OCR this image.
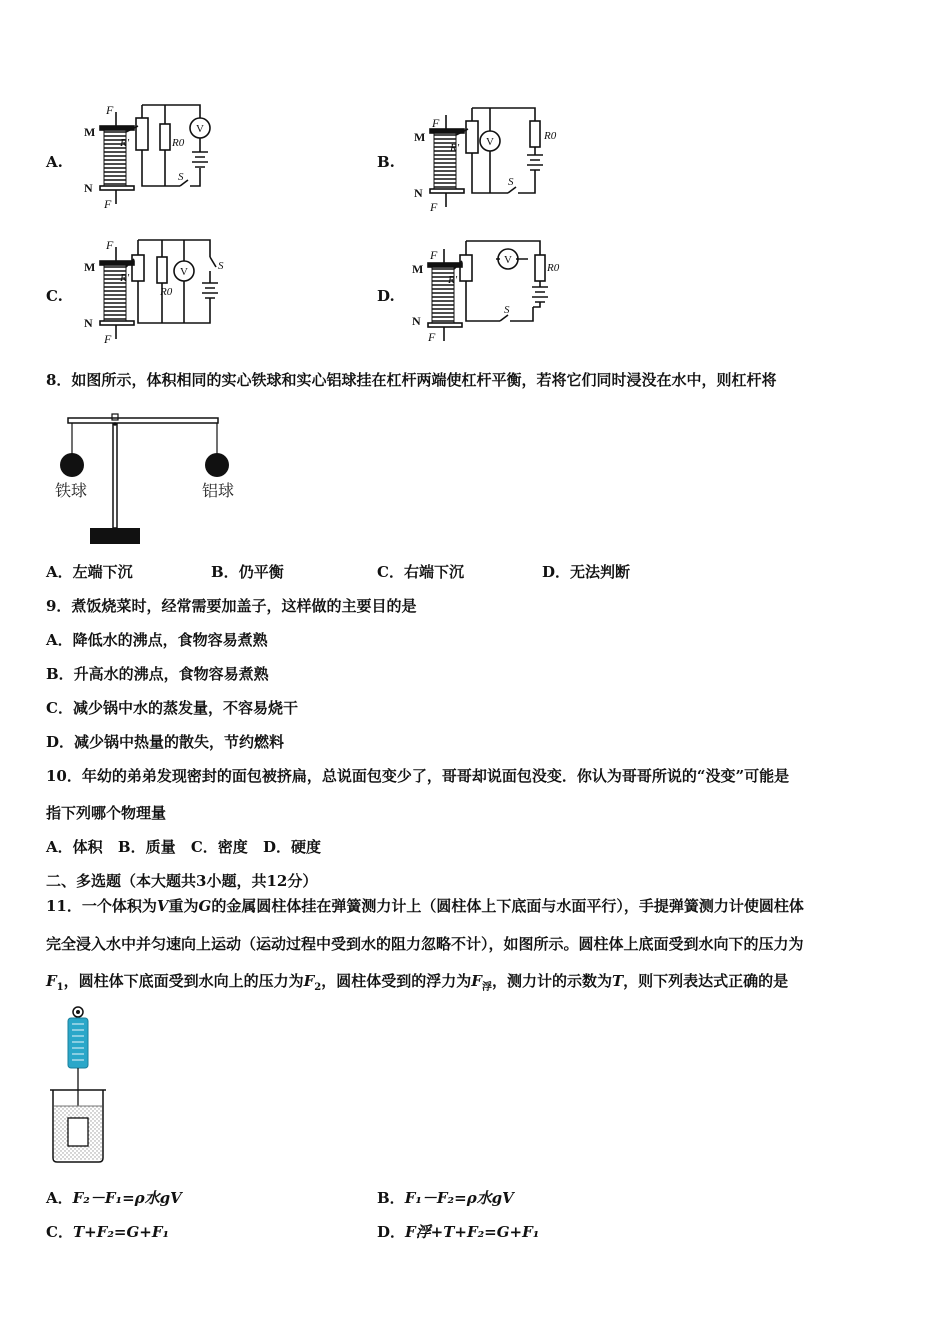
A.	B.
C.	D.
M
N
F
F
R'	R0
V
S
M
N
F
F
R'
R0
V
S
M
N
F
F
R'
R0
V	S	M
N
F
F
R'
R0
V
S
8．如图所示，体积相同的实心铁球和实心铝球挂在杠杆两端使杠杆平衡，若将它们同时浸没在水中，则杠杆将
铁球	铝球
A．左端下沉	B．仍平衡	C．右端下沉	D．无法判断
9．煮饭烧菜时，经常需要加盖子，这样做的主要目的是
A．降低水的沸点，食物容易煮熟
B．升高水的沸点，食物容易煮熟
C．减少锅中水的蒸发量，不容易烧干
D．减少锅中热量的散失，节约燃料
10．年幼的弟弟发现密封的面包被挤扁，总说面包变少了，哥哥却说面包没变．你认为哥哥所说的“没变”可能是
指下列哪个物理量
A．体积 B．质量 C．密度 D．硬度
二、多选题（本大题共3小题，共12分）
11．一个体积为V重为G的金属圆柱体挂在弹簧测力计上（圆柱体上下底面与水面平行），手提弹簧测力计使圆柱体
完全浸入水中并匀速向上运动（运动过程中受到水的阻力忽略不计），如图所示。圆柱体上底面受到水向下的压力为
$F_1$，圆柱体下底面受到水向上的压力为$F_2$，圆柱体受到的浮力为$F_浮$，测力计的示数为T，则下列表达式正确的是
A．F₂－F₁=ρ水gV	B．F₁－F₂=ρ水gV
C．T+F₂=G+F₁	D．F浮+T+F₂=G+F₁
